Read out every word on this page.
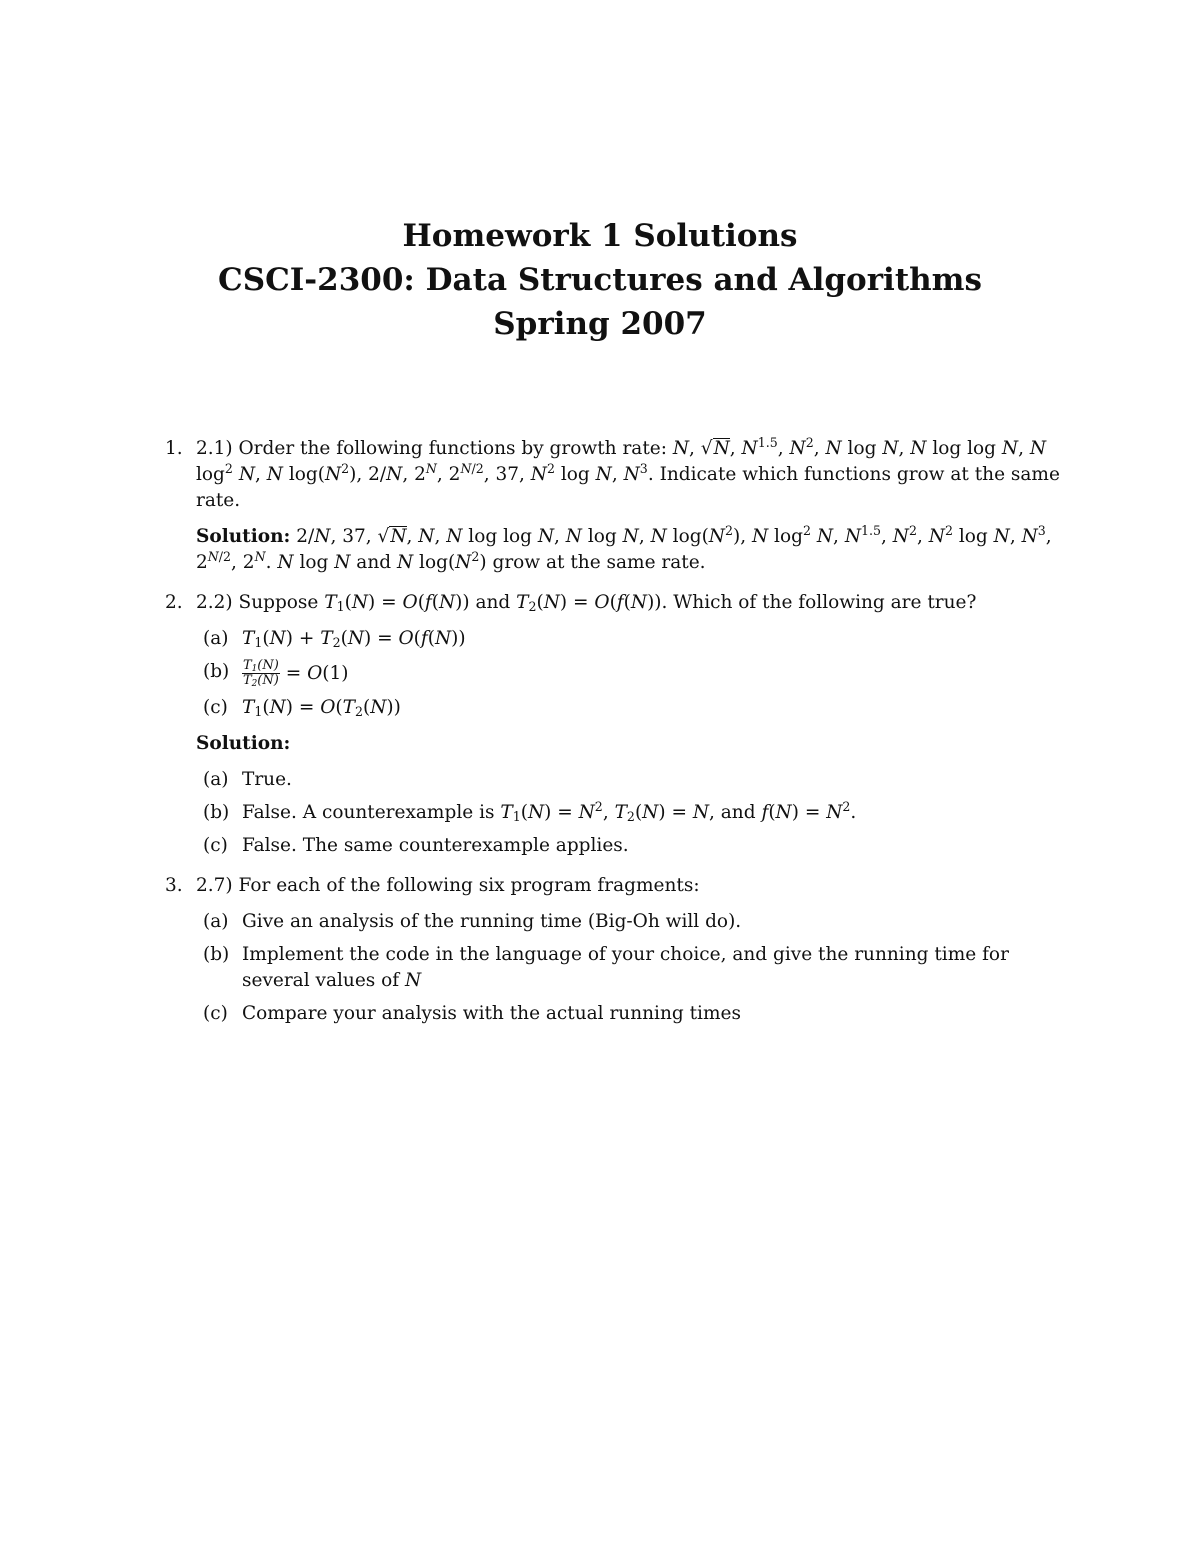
Homework 1 Solutions
CSCI-2300: Data Structures and Algorithms
Spring 2007
1. 2.1) Order the following functions by growth rate: N, √N, $N^{1.5}$, $N^2$, N log N, N log log N, N $\log^2 N$, N $\log(N^2)$, 2/N, $2^N$, $2^{N/2}$, 37, $N^2$ log N, $N^3$. Indicate which functions grow at the same rate.

Solution: 2/N, 37, √N, N, N log log N, N log N, N $\log(N^2)$, N $\log^2 N$, $N^{1.5}$, $N^2$, $N^2$ log N, $N^3$, $2^{N/2}$, $2^N$. N log N and N $\log(N^2)$ grow at the same rate.

2. 2.2) Suppose $T_1(N) = O(f(N))$ and $T_2(N) = O(f(N))$. Which of the following are true?

(a) $T_1(N) + T_2(N) = O(f(N))$
$(b) \frac{T_1(N)}{T_2(N)} = O(1)$
(c) $T_1(N) = O(T_2(N))$

Solution:

(a) True.
(b) False. A counterexample is $T_1(N) = N^2$, $T_2(N) = N$, and $f(N) = N^2$.
(c) False. The same counterexample applies.
3. 2.7) For each of the following six program fragments:

(a) Give an analysis of the running time (Big-Oh will do).
(b) Implement the code in the language of your choice, and give the running time for several values of N
(c) Compare your analysis with the actual running times
